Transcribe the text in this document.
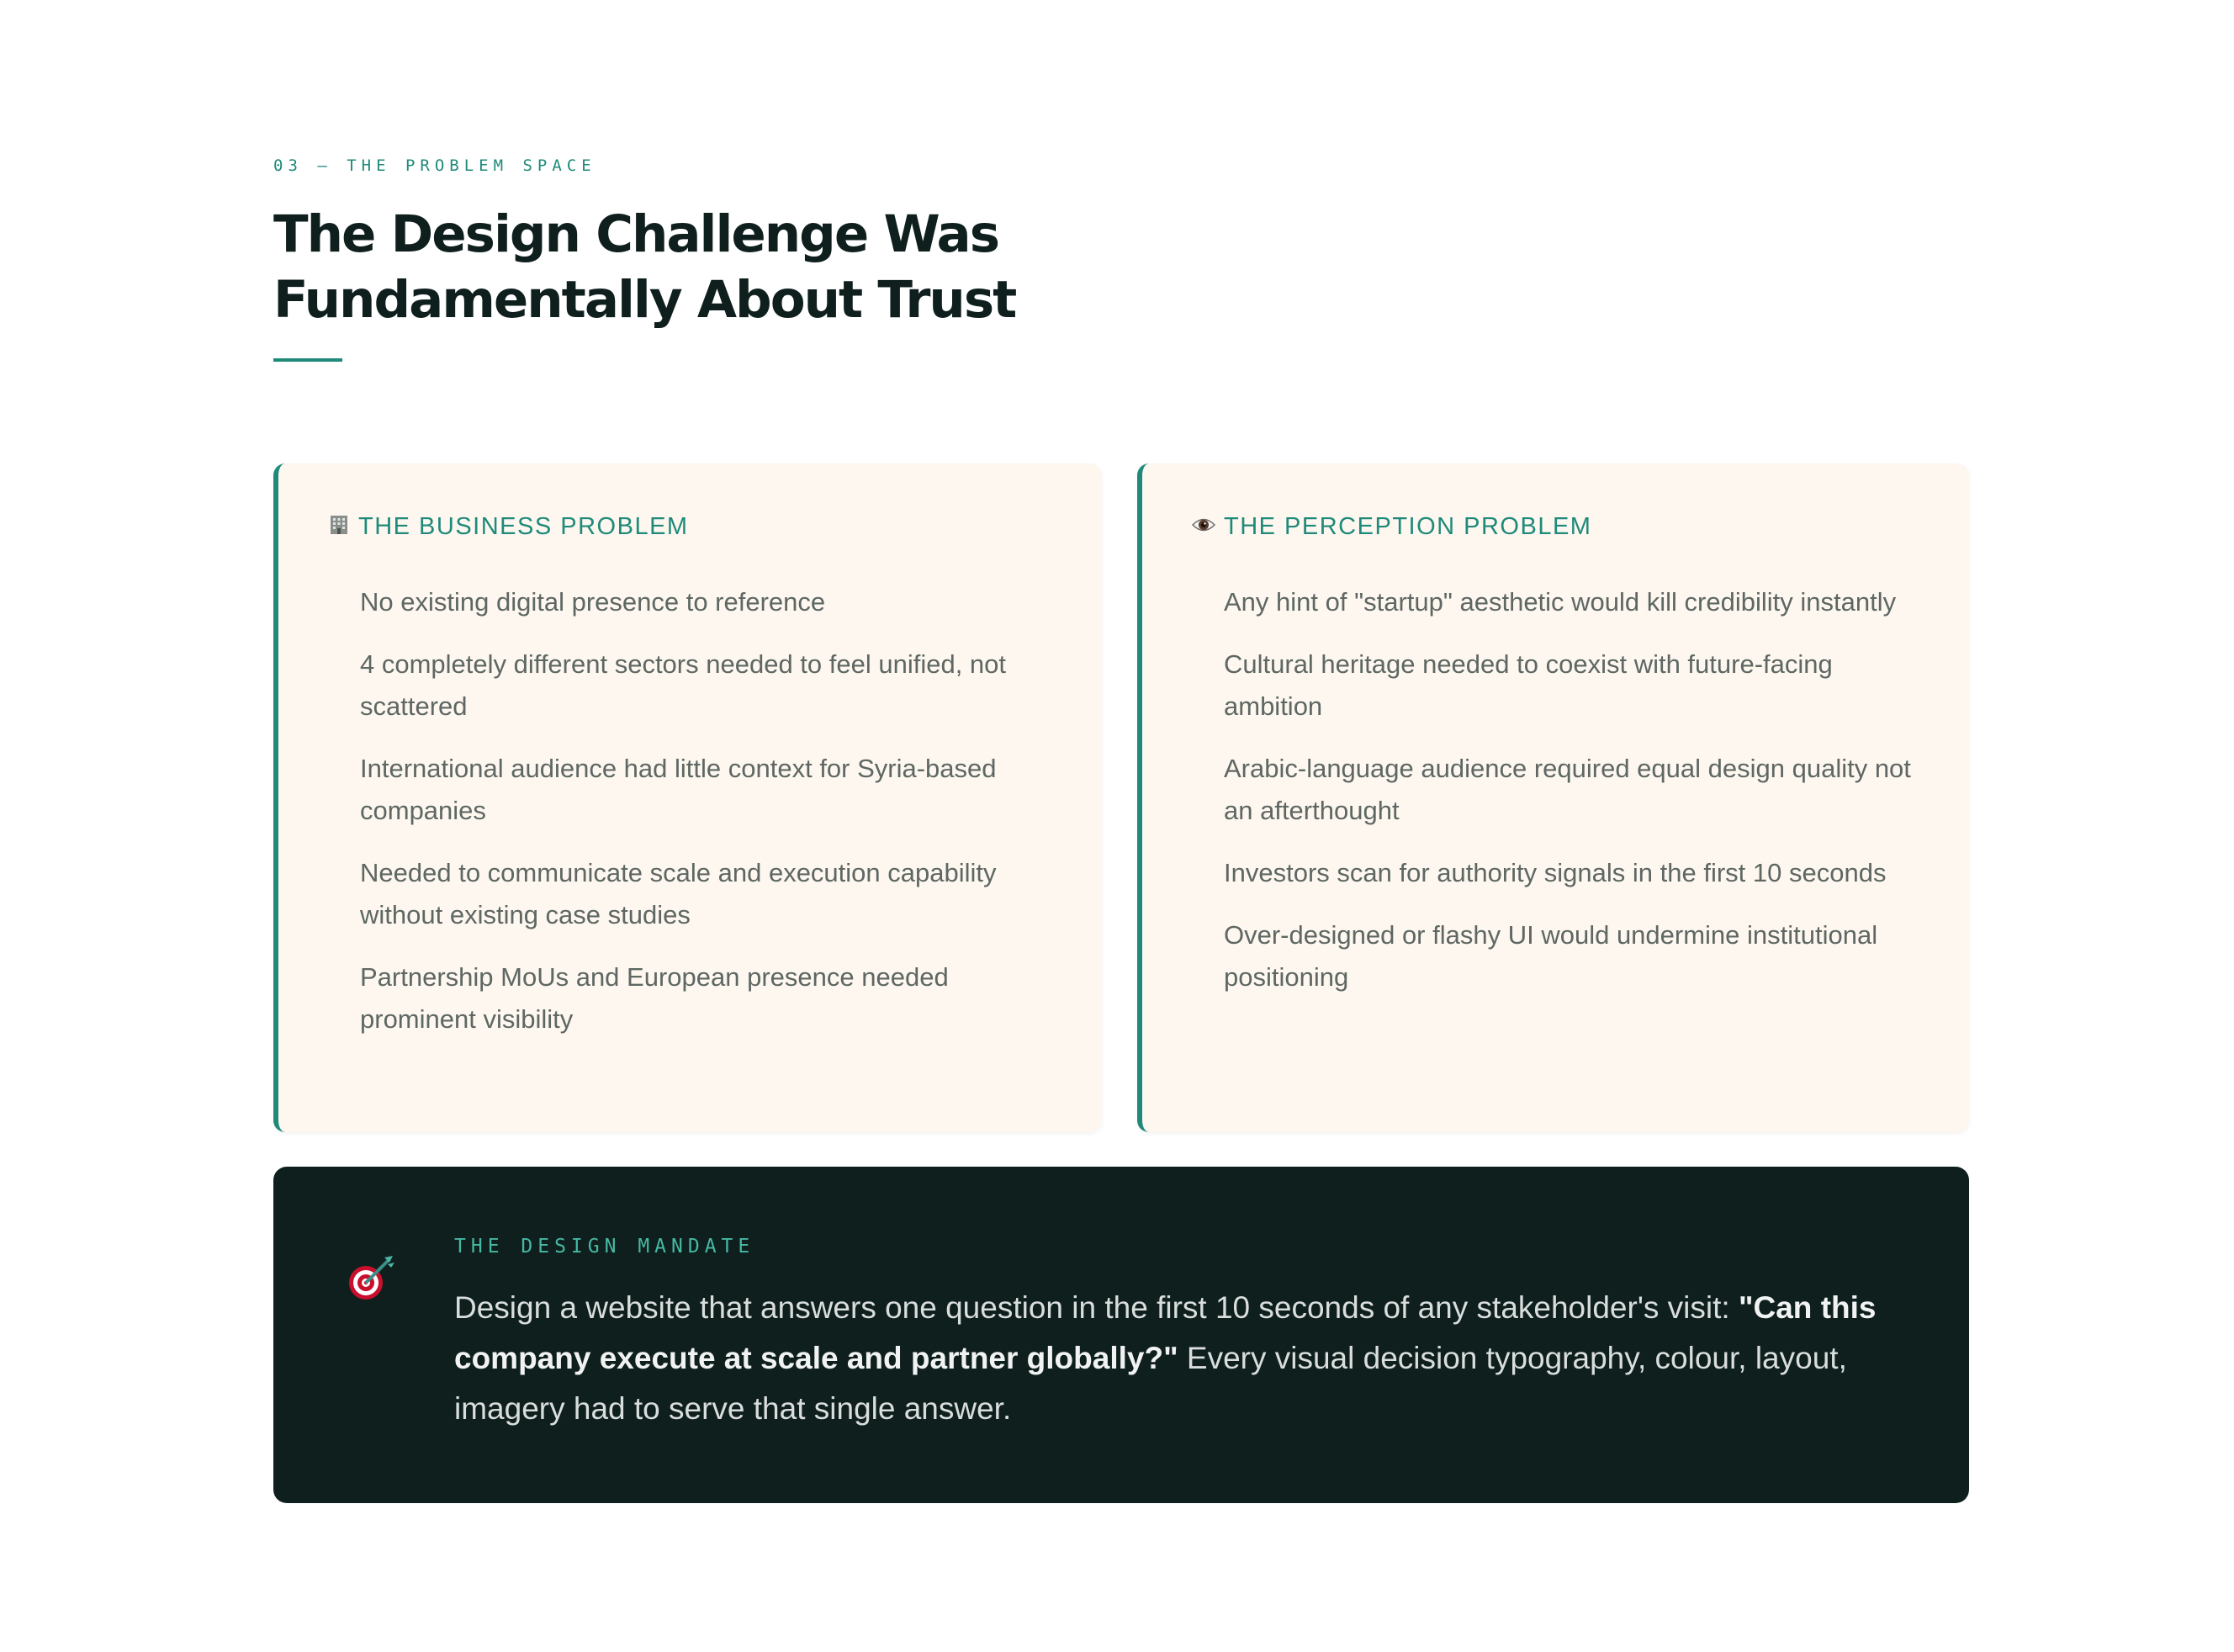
03 — THE PROBLEM SPACE
The Design Challenge Was
Fundamentally About Trust
THE BUSINESS PROBLEM
No existing digital presence to reference
4 completely different sectors needed to feel unified, not scattered
International audience had little context for Syria-based companies
Needed to communicate scale and execution capability without existing case studies
Partnership MoUs and European presence needed prominent visibility
THE PERCEPTION PROBLEM
Any hint of "startup" aesthetic would kill credibility instantly
Cultural heritage needed to coexist with future-facing ambition
Arabic-language audience required equal design quality not an afterthought
Investors scan for authority signals in the first 10 seconds
Over-designed or flashy UI would undermine institutional positioning
THE DESIGN MANDATE

Design a website that answers one question in the first 10 seconds of any stakeholder's visit: "Can this company execute at scale and partner globally?" Every visual decision typography, colour, layout, imagery had to serve that single answer.
